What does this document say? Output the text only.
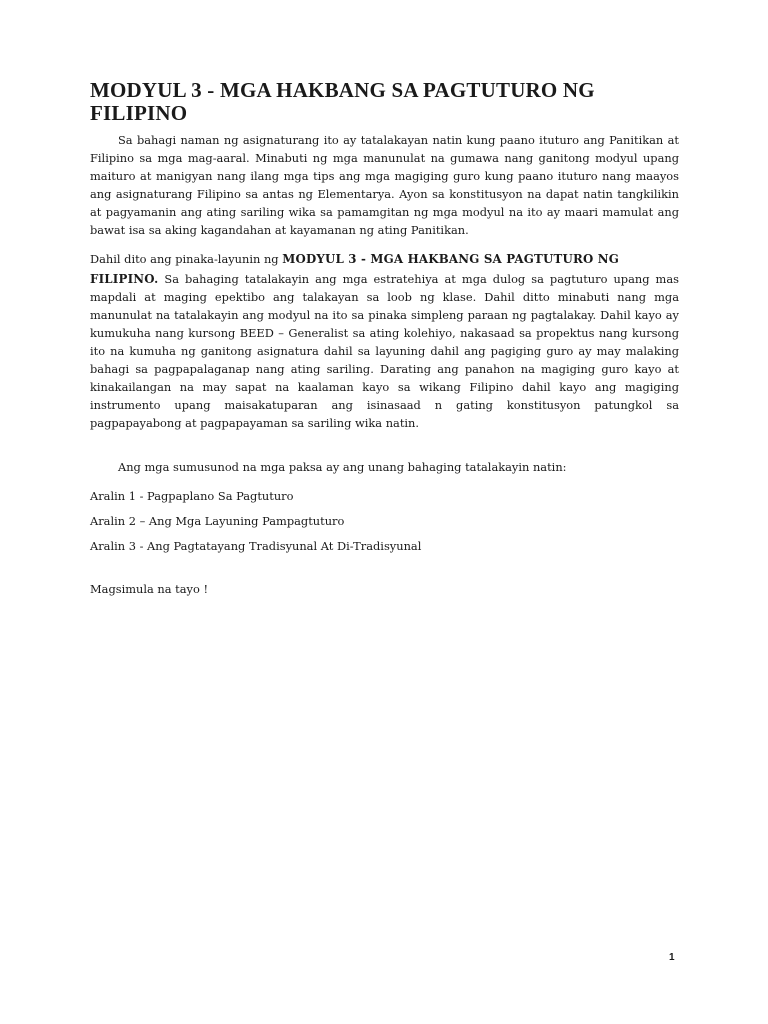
MODYUL 3 - MGA HAKBANG SA PAGTUTURO NG FILIPINO

Sa bahagi naman ng asignaturang ito ay tatalakayan natin kung paano ituturo ang Panitikan at Filipino sa mga mag-aaral. Minabuti ng mga manunulat na gumawa nang ganitong modyul upang maituro at manigyan nang ilang mga tips ang mga magiging guro kung paano ituturo nang maayos ang asignaturang Filipino sa antas ng Elementarya. Ayon sa konstitusyon na dapat natin tangkilikin at pagyamanin ang ating sariling wika sa pamamgitan ng mga modyul na ito ay maari mamulat ang bawat isa sa aking kagandahan at kayamanan ng ating Panitikan.

Dahil dito ang pinaka-layunin ng MODYUL 3 - MGA HAKBANG SA PAGTUTURO NG
FILIPINO. Sa bahaging tatalakayin ang mga estratehiya at mga dulog sa pagtuturo upang mas mapdali at maging epektibo ang talakayan sa loob ng klase. Dahil ditto minabuti nang mga manunulat na tatalakayin ang modyul na ito sa pinaka simpleng paraan ng pagtalakay. Dahil kayo ay kumukuha nang kursong BEED – Generalist sa ating kolehiyo, nakasaad sa propektus nang kursong ito na kumuha ng ganitong asignatura dahil sa layuning dahil ang pagiging guro ay may malaking bahagi sa pagpapalaganap nang ating sariling. Darating ang panahon na magiging guro kayo at kinakailangan na may sapat na kaalaman kayo sa wikang Filipino dahil kayo ang magiging instrumento upang maisakatuparan ang isinasaad n gating konstitusyon patungkol sa pagpapayabong at pagpapayaman sa sariling wika natin.

Ang mga sumusunod na mga paksa ay ang unang bahaging tatalakayin natin:

Aralin 1 - Pagpaplano Sa Pagtuturo
Aralin 2 – Ang Mga Layuning Pampagtuturo
Aralin 3 - Ang Pagtatayang Tradisyunal At Di-Tradisyunal

Magsimula na tayo !

1
